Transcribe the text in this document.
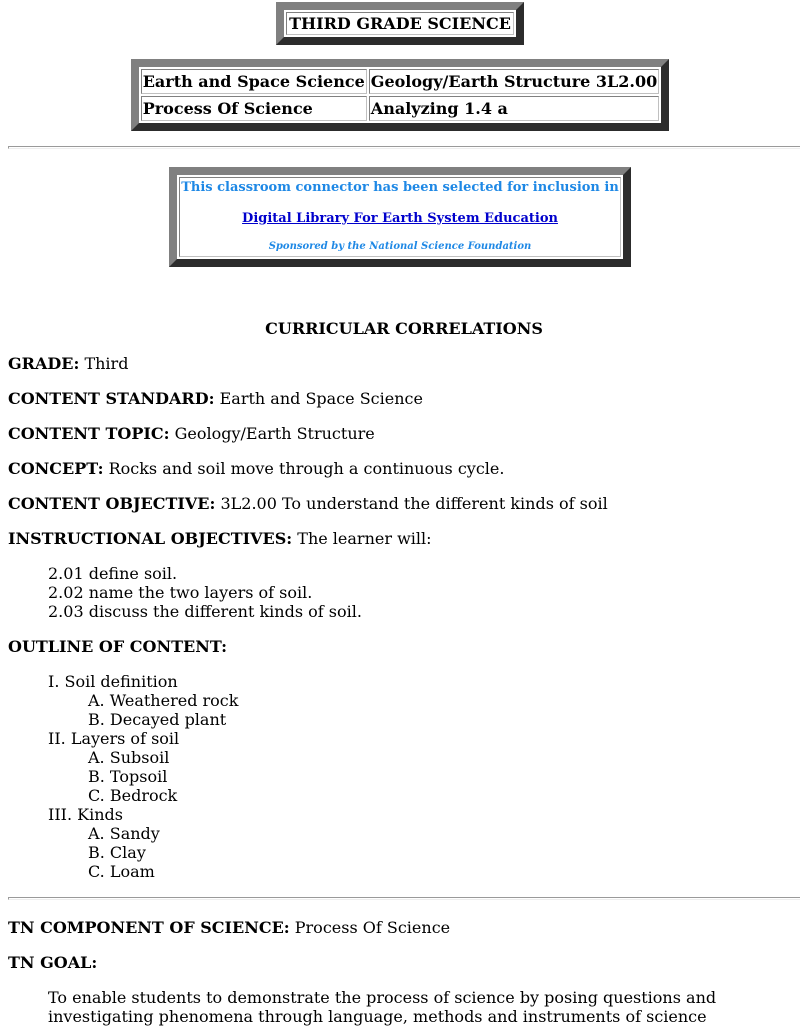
THIRD GRADE SCIENCE
Earth and Space Science	Geology/Earth Structure 3L2.00
Process Of Science	Analyzing 1.4 a
This classroom connector has been selected for inclusion in
Digital Library For Earth System Education
Sponsored by the National Science Foundation
CURRICULAR CORRELATIONS
GRADE: Third
CONTENT STANDARD: Earth and Space Science
CONTENT TOPIC: Geology/Earth Structure
CONCEPT: Rocks and soil move through a continuous cycle.
CONTENT OBJECTIVE: 3L2.00 To understand the different kinds of soil
INSTRUCTIONAL OBJECTIVES: The learner will:
2.01 define soil.
2.02 name the two layers of soil.
2.03 discuss the different kinds of soil.
OUTLINE OF CONTENT:
I. Soil definition
A. Weathered rock
B. Decayed plant
II. Layers of soil
A. Subsoil
B. Topsoil
C. Bedrock
III. Kinds
A. Sandy
B. Clay
C. Loam
TN COMPONENT OF SCIENCE: Process Of Science
TN GOAL:
To enable students to demonstrate the process of science by posing questions and investigating phenomena through language, methods and instruments of science
